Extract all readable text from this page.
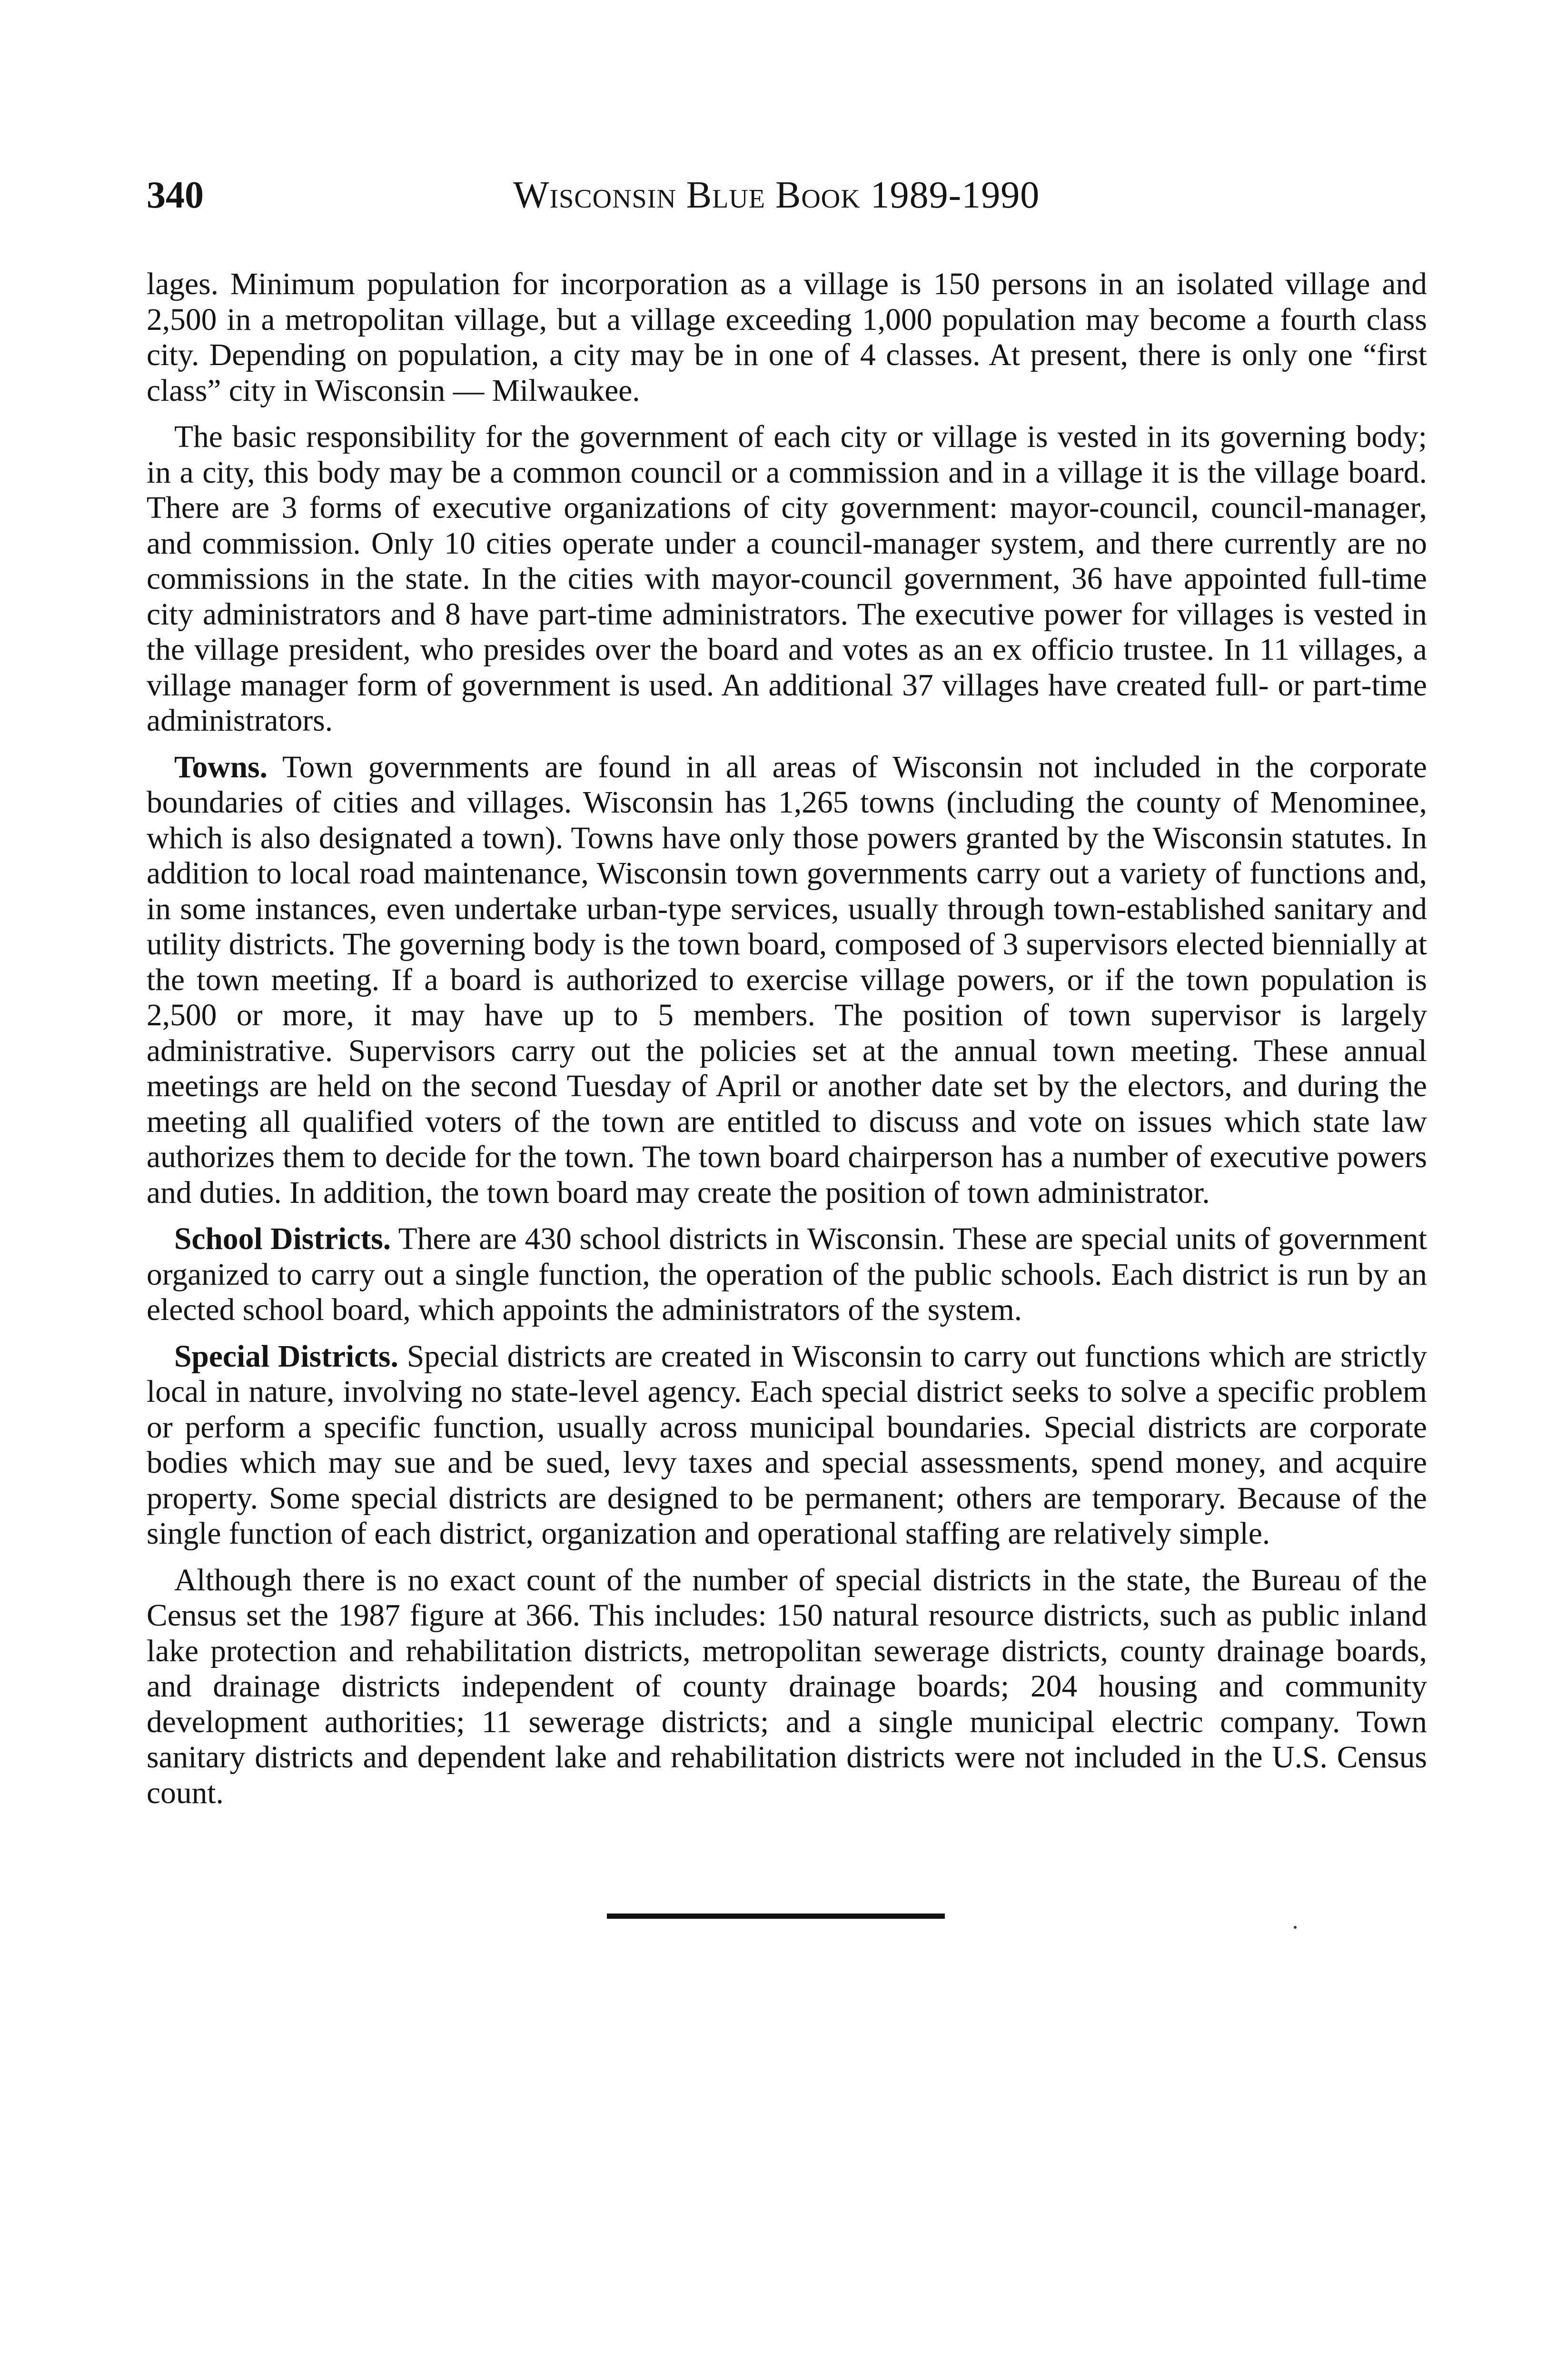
340	Wisconsin Blue Book 1989-1990

lages. Minimum population for incorporation as a village is 150 persons in an isolated village and 2,500 in a metropolitan village, but a village exceeding 1,000 population may become a fourth class city. Depending on population, a city may be in one of 4 classes. At present, there is only one “first class” city in Wisconsin — Milwaukee.

The basic responsibility for the government of each city or village is vested in its governing body; in a city, this body may be a common council or a commission and in a village it is the village board. There are 3 forms of executive organizations of city government: mayor-council, council-manager, and commission. Only 10 cities operate under a council-manager system, and there currently are no commissions in the state. In the cities with mayor-council government, 36 have appointed full-time city administrators and 8 have part-time administrators. The executive power for villages is vested in the village president, who presides over the board and votes as an ex officio trustee. In 11 villages, a village manager form of government is used. An additional 37 villages have created full- or part-time administrators.

Towns. Town governments are found in all areas of Wisconsin not included in the corporate boundaries of cities and villages. Wisconsin has 1,265 towns (including the county of Menominee, which is also designated a town). Towns have only those powers granted by the Wisconsin statutes. In addition to local road maintenance, Wisconsin town governments carry out a variety of functions and, in some instances, even undertake urban-type services, usually through town-established sanitary and utility districts. The governing body is the town board, composed of 3 supervisors elected biennially at the town meeting. If a board is authorized to exercise village powers, or if the town population is 2,500 or more, it may have up to 5 members. The position of town supervisor is largely administrative. Supervisors carry out the policies set at the annual town meeting. These annual meetings are held on the second Tuesday of April or another date set by the electors, and during the meeting all qualified voters of the town are entitled to discuss and vote on issues which state law authorizes them to decide for the town. The town board chairperson has a number of executive powers and duties. In addition, the town board may create the position of town administrator.

School Districts. There are 430 school districts in Wisconsin. These are special units of government organized to carry out a single function, the operation of the public schools. Each district is run by an elected school board, which appoints the administrators of the system.

Special Districts. Special districts are created in Wisconsin to carry out functions which are strictly local in nature, involving no state-level agency. Each special district seeks to solve a specific problem or perform a specific function, usually across municipal boundaries. Special districts are corporate bodies which may sue and be sued, levy taxes and special assessments, spend money, and acquire property. Some special districts are designed to be permanent; others are temporary. Because of the single function of each district, organization and operational staffing are relatively simple.

Although there is no exact count of the number of special districts in the state, the Bureau of the Census set the 1987 figure at 366. This includes: 150 natural resource districts, such as public inland lake protection and rehabilitation districts, metropolitan sewerage districts, county drainage boards, and drainage districts independent of county drainage boards; 204 housing and community development authorities; 11 sewerage districts; and a single municipal electric company. Town sanitary districts and dependent lake and rehabilitation districts were not included in the U.S. Census count.
